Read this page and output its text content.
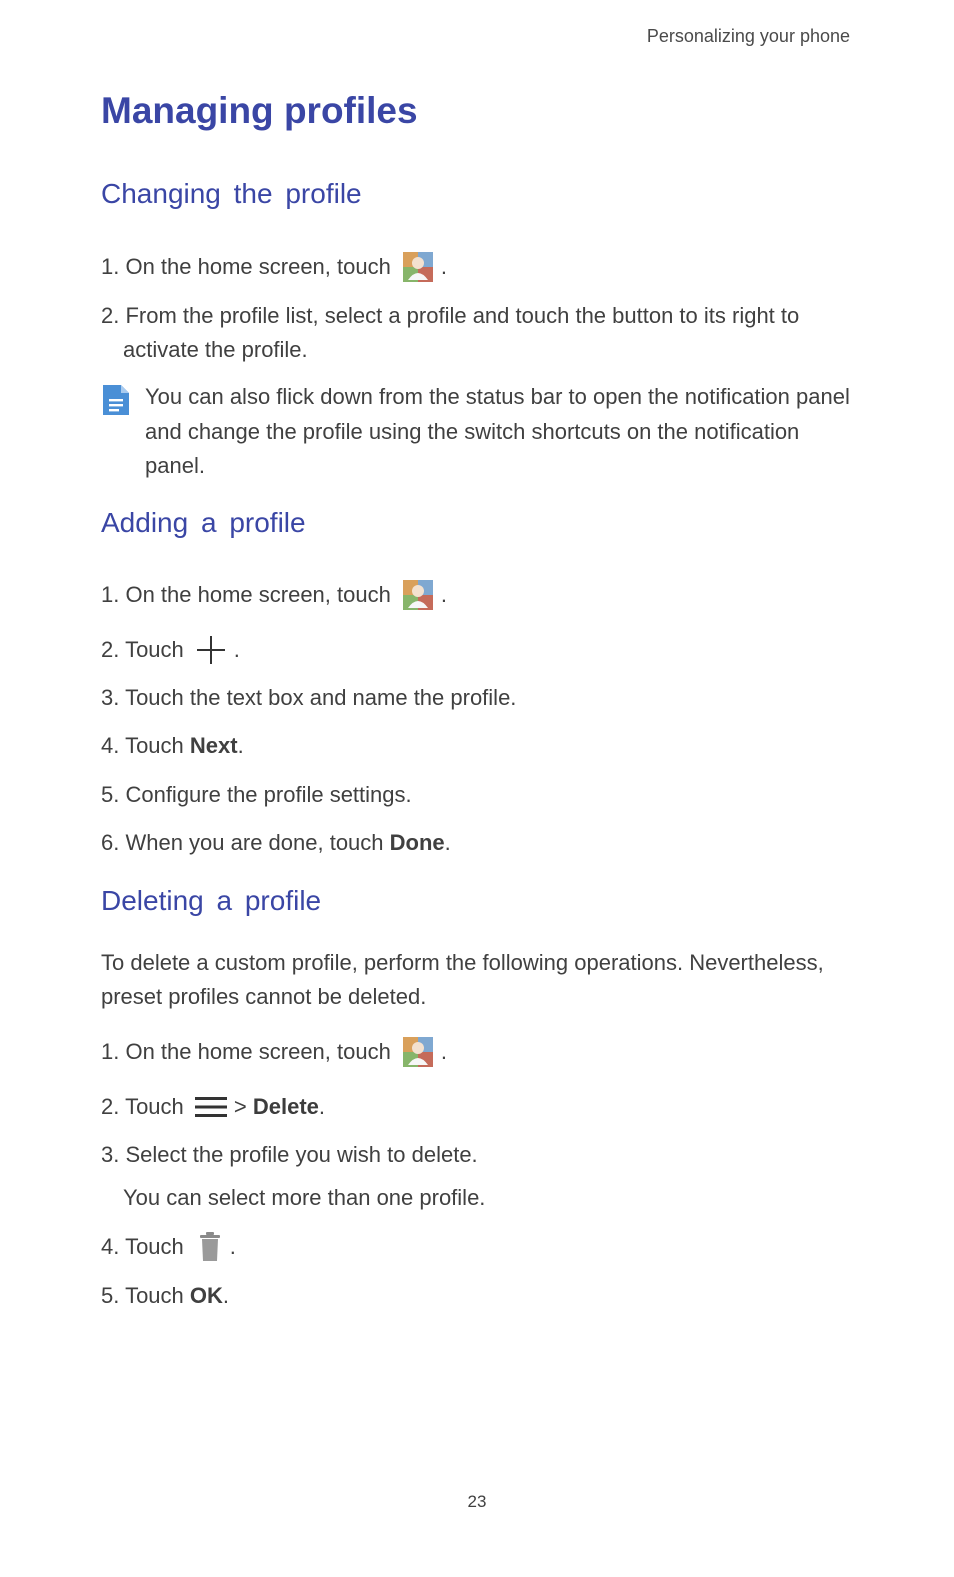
Personalizing your phone
Managing profiles
Changing the profile
1. On the home screen, touch .
2. From the profile list, select a profile and touch the button to its right to
activate the profile.
You can also flick down from the status bar to open the notification panel and change the profile using the switch shortcuts on the notification panel.
Adding a profile
1. On the home screen, touch .
2. Touch .
3. Touch the text box and name the profile.
4. Touch Next.
5. Configure the profile settings.
6. When you are done, touch Done.
Deleting a profile
To delete a custom profile, perform the following operations. Nevertheless, preset profiles cannot be deleted.
1. On the home screen, touch .
2. Touch > Delete .
3. Select the profile you wish to delete.
You can select more than one profile.
4. Touch .
5. Touch OK.
23
